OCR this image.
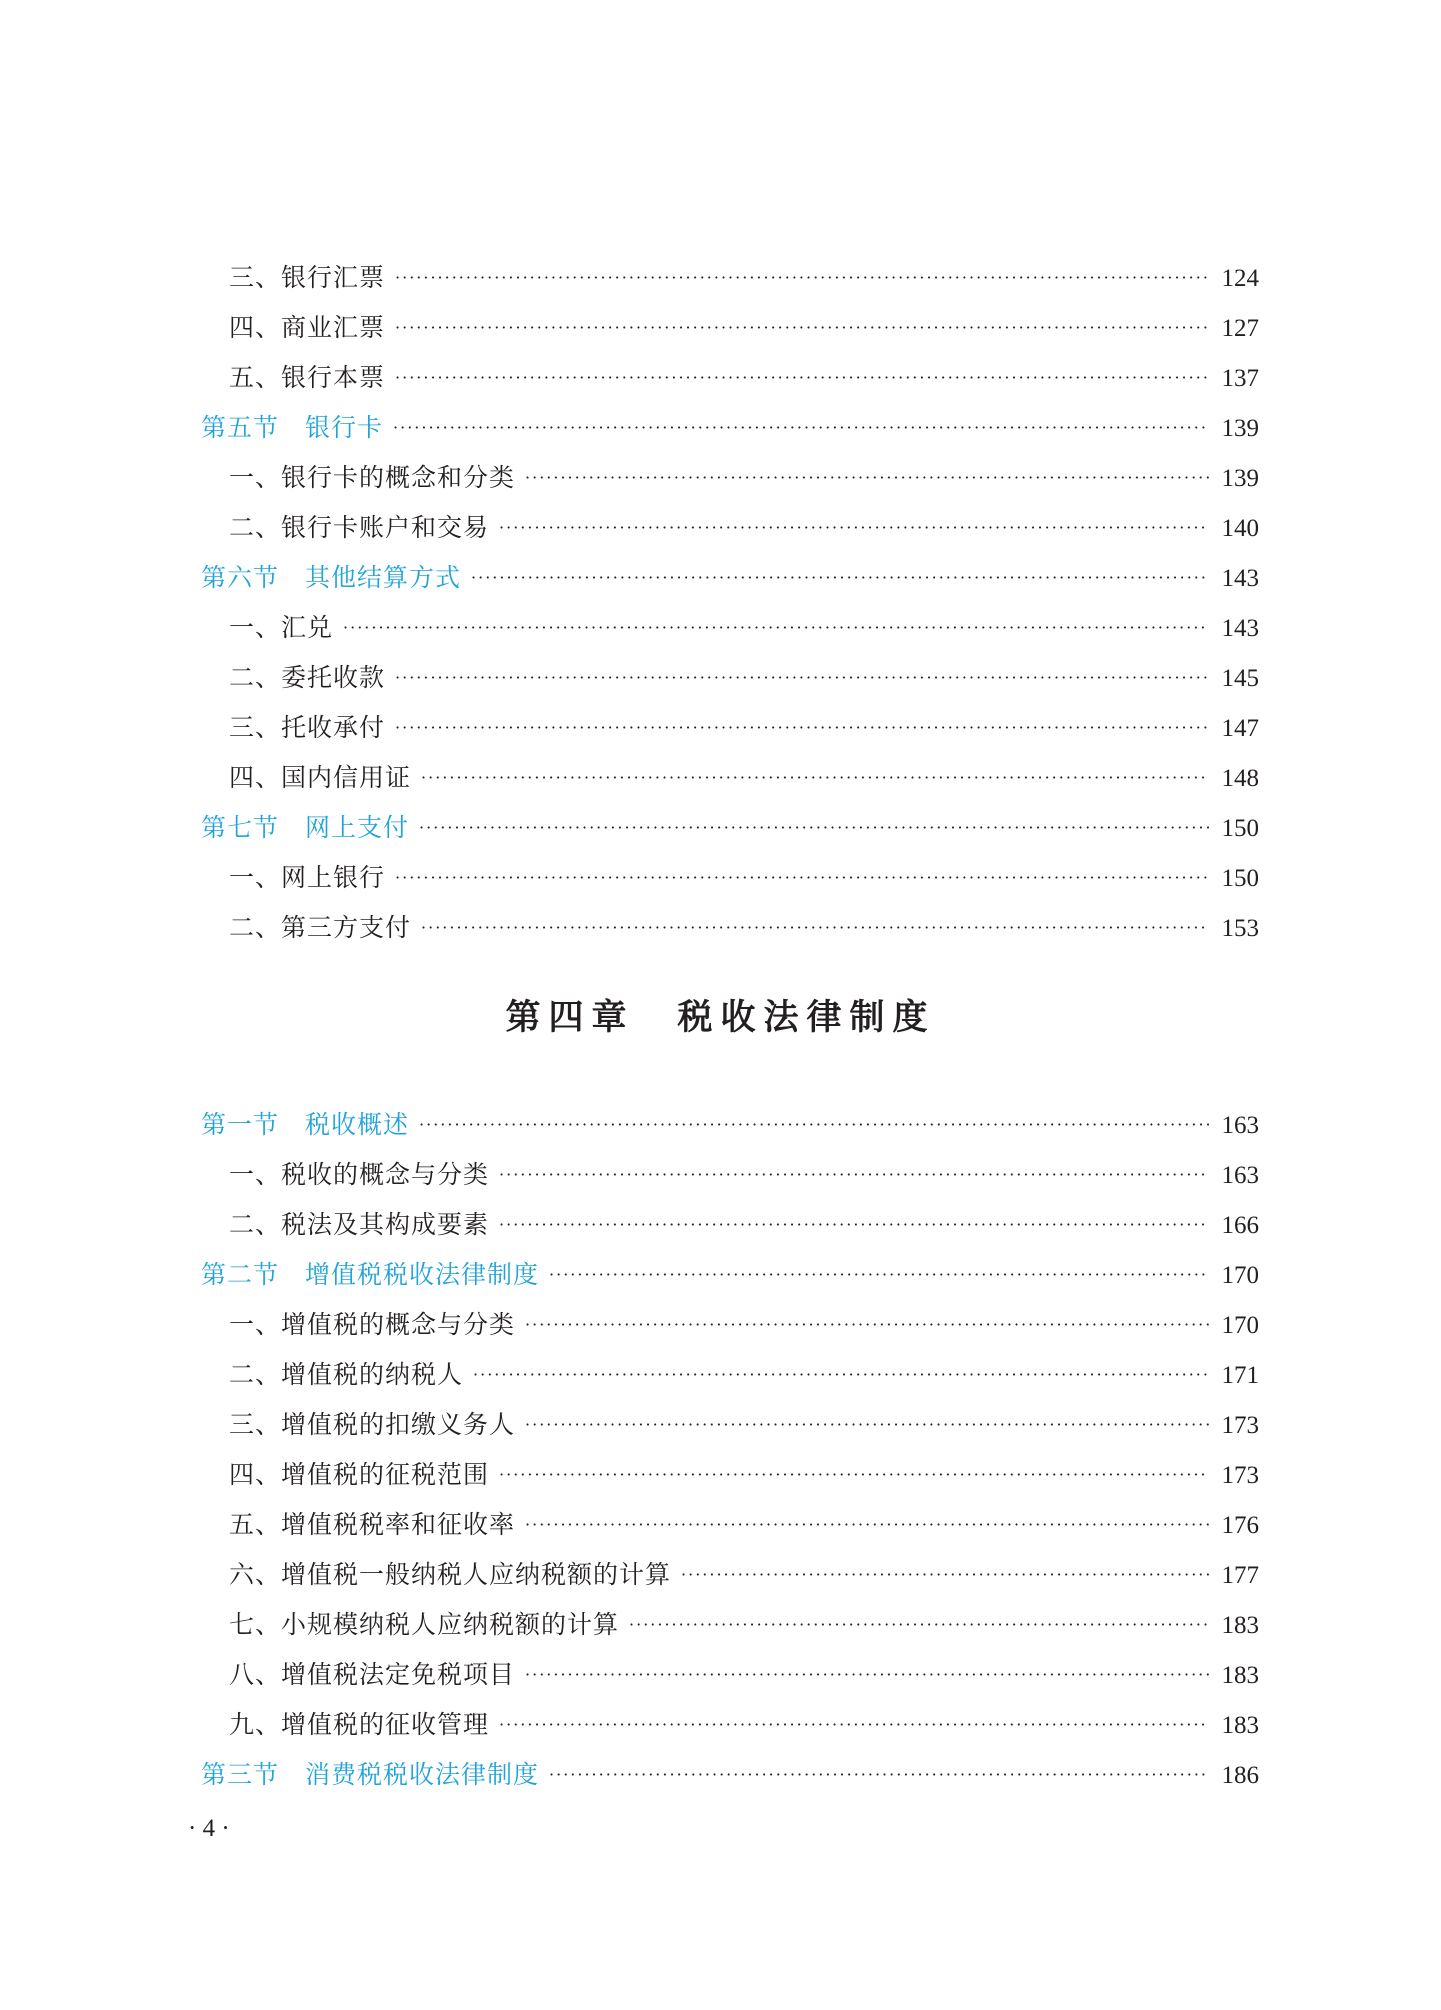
三、银行汇票 ·····	124
四、商业汇票 ·····	127
五、银行本票 ·····	137
第五节　银行卡 ·····	139
一、银行卡的概念和分类 ·····	139
二、银行卡账户和交易 ·····	140
第六节　其他结算方式 ·····	143
一、汇兑 ·····	143
二、委托收款 ·····	145
三、托收承付 ·····	147
四、国内信用证 ·····	148
第七节　网上支付 ·····	150
一、网上银行 ·····	150
二、第三方支付 ·····	153
第四章　税收法律制度
第一节　税收概述 ·····	163
一、税收的概念与分类 ·····	163
二、税法及其构成要素 ·····	166
第二节　增值税税收法律制度 ·····	170
一、增值税的概念与分类 ·····	170
二、增值税的纳税人 ·····	171
三、增值税的扣缴义务人 ·····	173
四、增值税的征税范围 ·····	173
五、增值税税率和征收率 ·····	176
六、增值税一般纳税人应纳税额的计算 ·····	177
七、小规模纳税人应纳税额的计算 ·····	183
八、增值税法定免税项目 ·····	183
九、增值税的征收管理 ·····	183
第三节　消费税税收法律制度 ·····	186
· 4 ·
